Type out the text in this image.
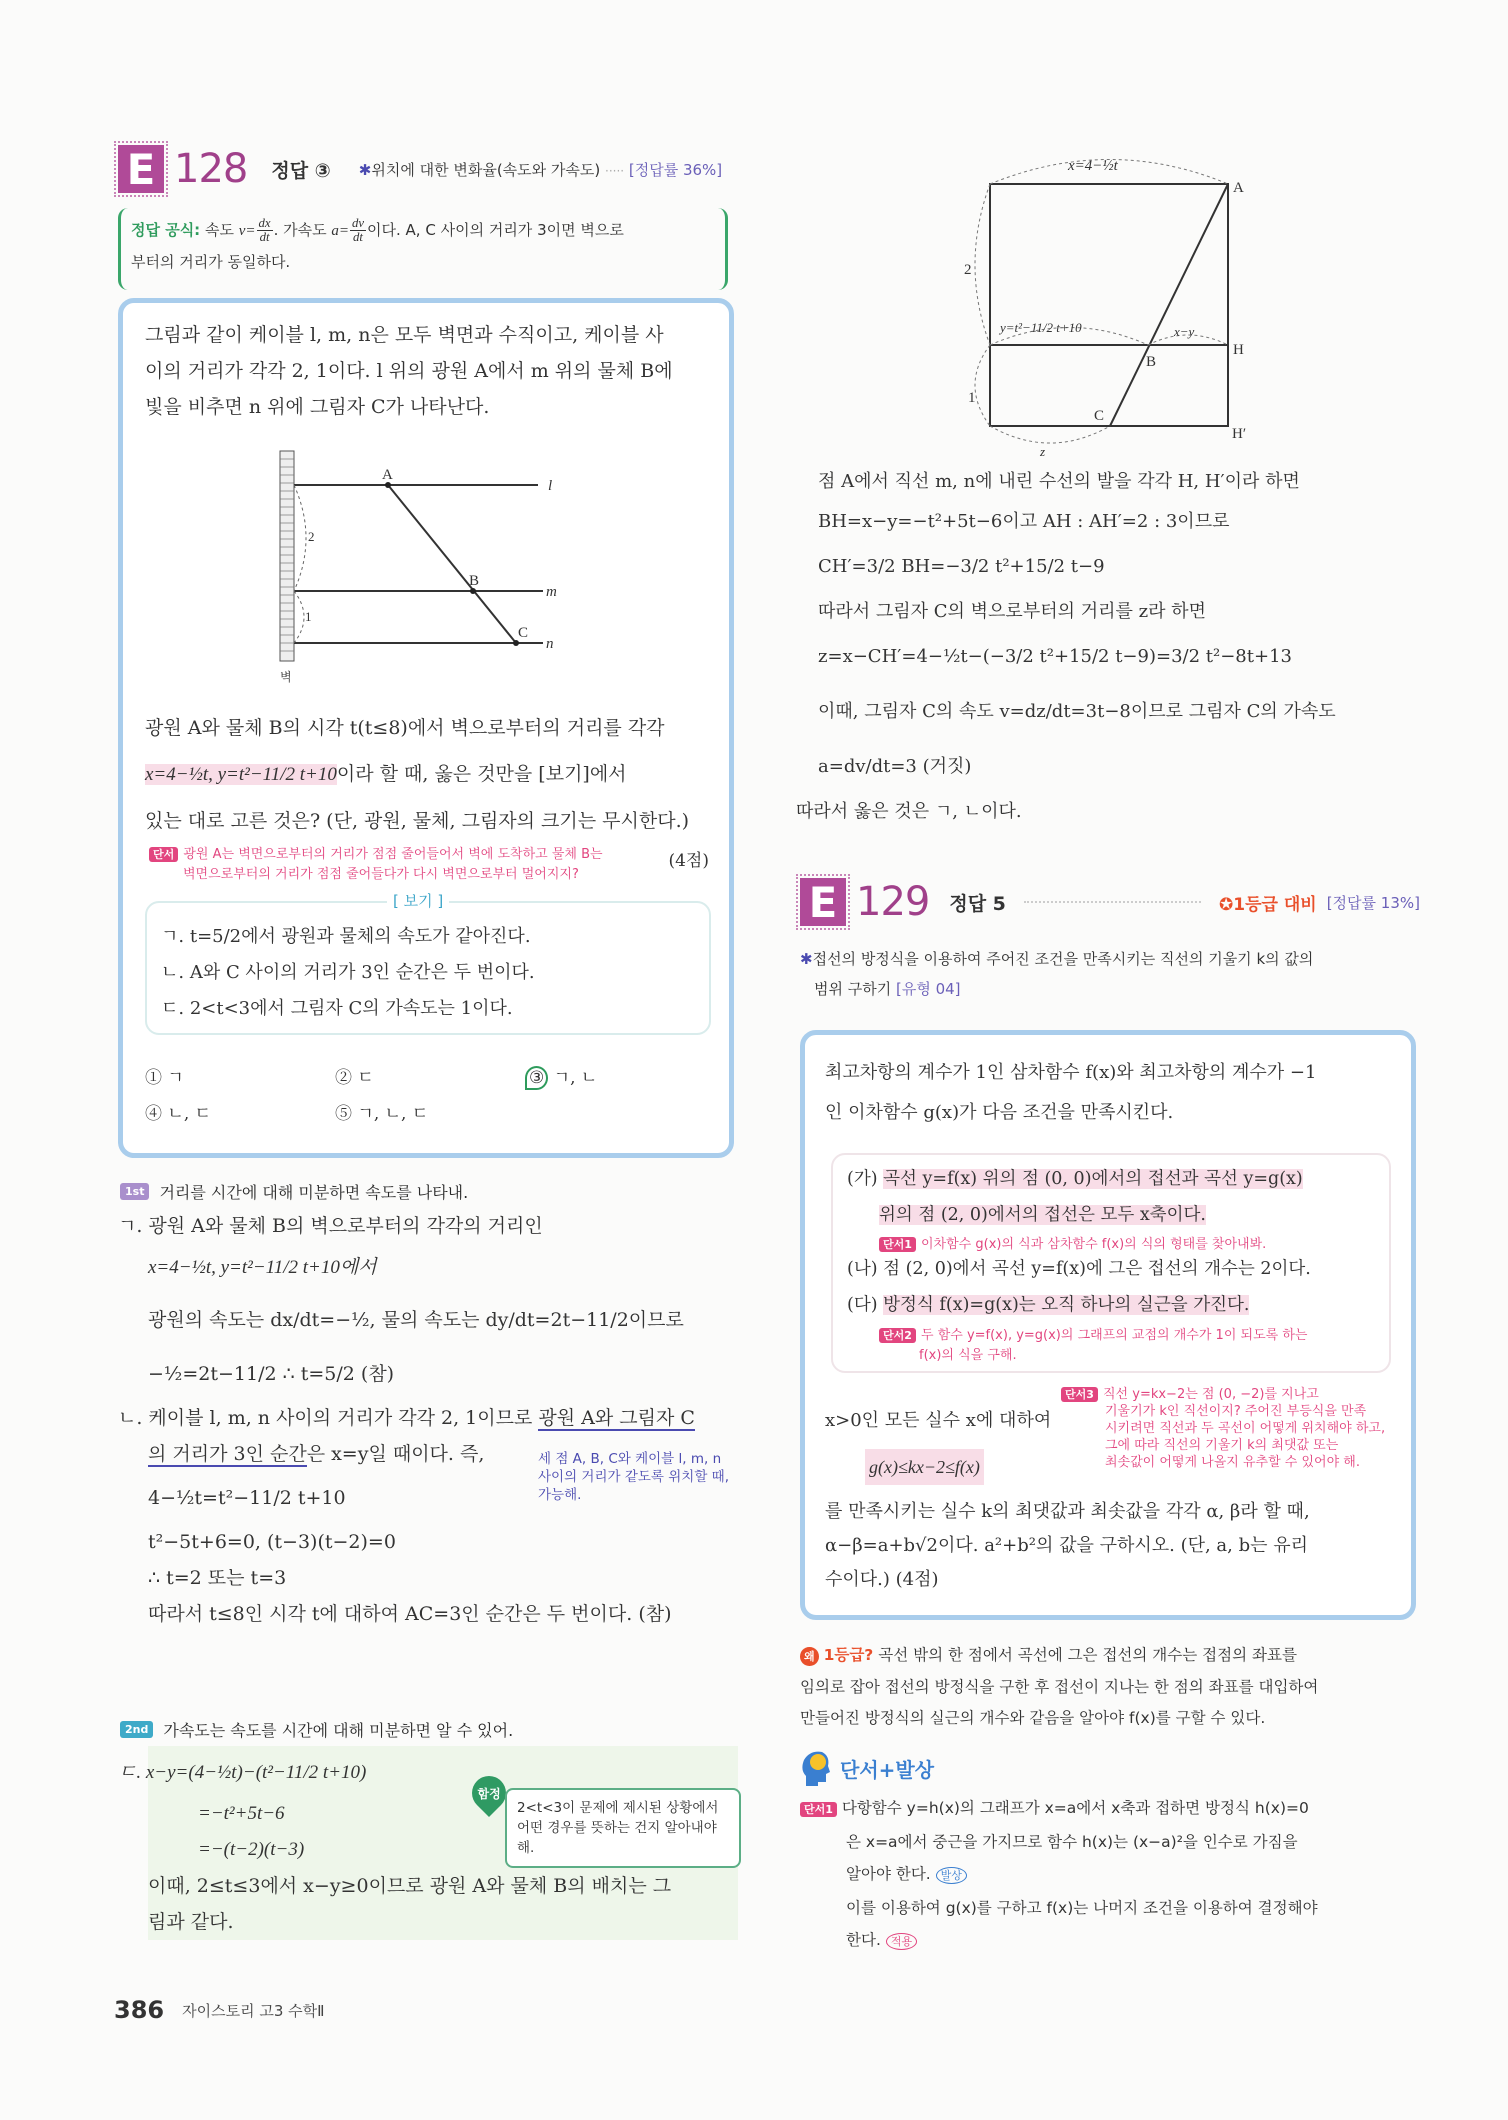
E 128 정답 ③ ✱위치에 대한 변화율(속도와 가속도) ····· [정답률 36%]
정답 공식: 속도 $v= \frac{dx}{dt}$ . 가속도 $a= \frac{dv}{dt}$ 이다. A, C 사이의 거리가 3이면 벽으로
부터의 거리가 동일하다.
그림과 같이 케이블 l, m, n은 모두 벽면과 수직이고, 케이블 사
이의 거리가 각각 2, 1이다. l 위의 광원 A에서 m 위의 물체 B에
빛을 비추면 n 위에 그림자 C가 나타난다.
A
B
C
l
m
n
2
1
벽
광원 A와 물체 B의 시각 t(t≤8)에서 벽으로부터의 거리를 각각
x=4−½t, y=t²−11/2 t+10이라 할 때, 옳은 것만을 [보기]에서
있는 대로 고른 것은? (단, 광원, 물체, 그림자의 크기는 무시한다.)
단서 광원 A는 벽면으로부터의 거리가 점점 줄어들어서 벽에 도착하고 물체 B는
벽면으로부터의 거리가 점점 줄어들다가 다시 벽면으로부터 멀어지지?
(4점)
[ 보기 ]
ㄱ. t=5/2에서 광원과 물체의 속도가 같아진다.
ㄴ. A와 C 사이의 거리가 3인 순간은 두 번이다.
ㄷ. 2<t<3에서 그림자 C의 가속도는 1이다.
① ㄱ	② ㄷ	③ ㄱ, ㄴ
④ ㄴ, ㄷ	⑤ ㄱ, ㄴ, ㄷ
1st 거리를 시간에 대해 미분하면 속도를 나타내.
ㄱ. 광원 A와 물체 B의 벽으로부터의 각각의 거리인
x=4−½t, y=t²−11/2 t+10에서
광원의 속도는 dx/dt=−½, 물의 속도는 dy/dt=2t−11/2이므로
−½=2t−11/2 ∴ t=5/2 (참)
ㄴ. 케이블 l, m, n 사이의 거리가 각각 2, 1이므로 광원 A와 그림자 C
의 거리가 3인 순간은 x=y일 때이다. 즉,
4−½t=t²−11/2 t+10
t²−5t+6=0, (t−3)(t−2)=0
∴ t=2 또는 t=3
따라서 t≤8인 시각 t에 대하여 AC=3인 순간은 두 번이다. (참)
세 점 A, B, C와 케이블 l, m, n
사이의 거리가 같도록 위치할 때,
가능해.
2nd 가속도는 속도를 시간에 대해 미분하면 알 수 있어.
ㄷ. x−y=(4−½t)−(t²−11/2 t+10)
=−t²+5t−6
=−(t−2)(t−3)
이때, 2≤t≤3에서 x−y≥0이므로 광원 A와 물체 B의 배치는 그
림과 같다.
함정
2<t<3이 문제에 제시된 상황에서 어떤 경우를 뜻하는 건지 알아내야 해.
x=4−½t
y=t²−11/2 t+10	x−y
2
1
z
A
H
B
C
H′
점 A에서 직선 m, n에 내린 수선의 발을 각각 H, H′이라 하면
BH=x−y=−t²+5t−6이고 AH : AH′=2 : 3이므로
CH′=3/2 BH=−3/2 t²+15/2 t−9
따라서 그림자 C의 벽으로부터의 거리를 z라 하면
z=x−CH′=4−½t−(−3/2 t²+15/2 t−9)=3/2 t²−8t+13
이때, 그림자 C의 속도 v=dz/dt=3t−8이므로 그림자 C의 가속도
a=dv/dt=3 (거짓)
따라서 옳은 것은 ㄱ, ㄴ이다.
E 129 정답 5	✪1등급 대비 [정답률 13%]
✱접선의 방정식을 이용하여 주어진 조건을 만족시키는 직선의 기울기 k의 값의
범위 구하기 [유형 04]
최고차항의 계수가 1인 삼차함수 f(x)와 최고차항의 계수가 −1
인 이차함수 g(x)가 다음 조건을 만족시킨다.
(가) 곡선 y=f(x) 위의 점 (0, 0)에서의 접선과 곡선 y=g(x)
위의 점 (2, 0)에서의 접선은 모두 x축이다.
단서1 이차함수 g(x)의 식과 삼차함수 f(x)의 식의 형태를 찾아내봐.
(나) 점 (2, 0)에서 곡선 y=f(x)에 그은 접선의 개수는 2이다.
(다) 방정식 f(x)=g(x)는 오직 하나의 실근을 가진다.
단서2 두 함수 y=f(x), y=g(x)의 그래프의 교점의 개수가 1이 되도록 하는
f(x)의 식을 구해.
x>0인 모든 실수 x에 대하여
g(x)≤kx−2≤f(x)
단서3 직선 y=kx−2는 점 (0, −2)를 지나고
기울기가 k인 직선이지? 주어진 부등식을 만족
시키려면 직선과 두 곡선이 어떻게 위치해야 하고,
그에 따라 직선의 기울기 k의 최댓값 또는
최솟값이 어떻게 나올지 유추할 수 있어야 해.
를 만족시키는 실수 k의 최댓값과 최솟값을 각각 α, β라 할 때,
α−β=a+b√2이다. a²+b²의 값을 구하시오. (단, a, b는 유리
수이다.) (4점)
왜 1등급? 곡선 밖의 한 점에서 곡선에 그은 접선의 개수는 접점의 좌표를
임의로 잡아 접선의 방정식을 구한 후 접선이 지나는 한 점의 좌표를 대입하여
만들어진 방정식의 실근의 개수와 같음을 알아야 f(x)를 구할 수 있다.
단서+발상
단서1 다항함수 y=h(x)의 그래프가 x=a에서 x축과 접하면 방정식 h(x)=0
은 x=a에서 중근을 가지므로 함수 h(x)는 (x−a)²을 인수로 가짐을
알아야 한다. 발상
이를 이용하여 g(x)를 구하고 f(x)는 나머지 조건을 이용하여 결정해야
한다. 적용
386 자이스토리 고3 수학Ⅱ
